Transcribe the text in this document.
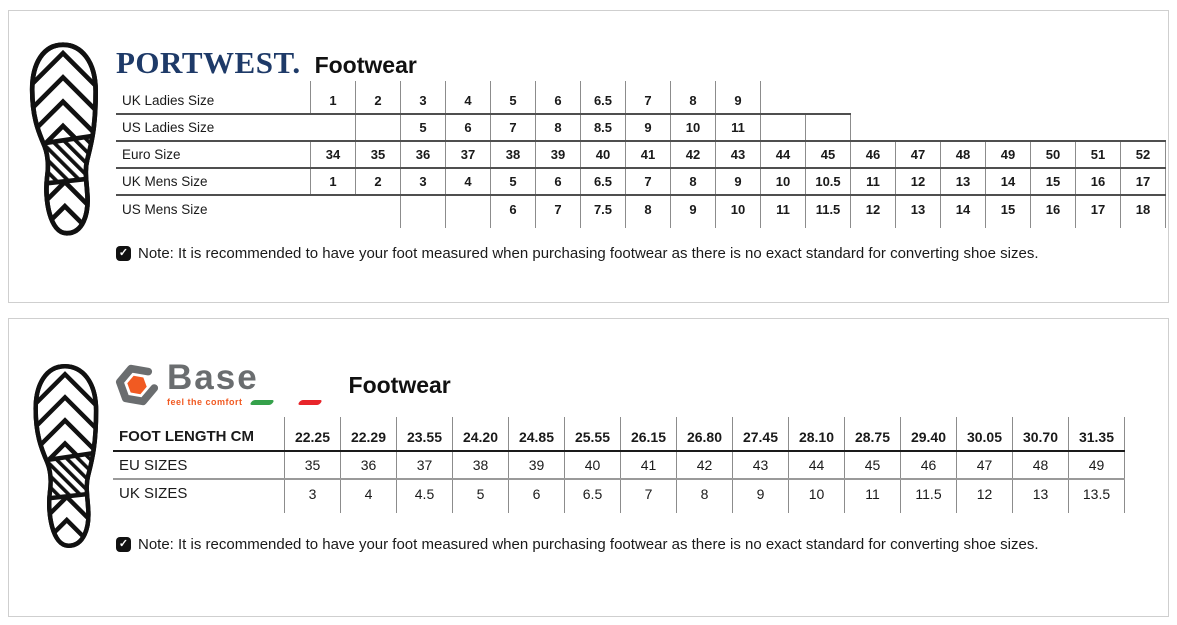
PORTWEST. Footwear

UK Ladies Size	1	2	3	4	5	6	6.5	7	8	9									
US Ladies Size			5	6	7	8	8.5	9	10	11									
Euro Size	34	35	36	37	38	39	40	41	42	43	44	45	46	47	48	49	50	51	52
UK Mens Size	1	2	3	4	5	6	6.5	7	8	9	10	10.5	11	12	13	14	15	16	17
US Mens Size					6	7	7.5	8	9	10	11	11.5	12	13	14	15	16	17	18

✓ Note: It is recommended to have your foot measured when purchasing footwear as there is no exact standard for converting shoe sizes.
Base
feel the comfort
Footwear

FOOT LENGTH CM	22.25	22.29	23.55	24.20	24.85	25.55	26.15	26.80	27.45	28.10	28.75	29.40	30.05	30.70	31.35
EU SIZES	35	36	37	38	39	40	41	42	43	44	45	46	47	48	49
UK SIZES	3	4	4.5	5	6	6.5	7	8	9	10	11	11.5	12	13	13.5

✓ Note: It is recommended to have your foot measured when purchasing footwear as there is no exact standard for converting shoe sizes.
